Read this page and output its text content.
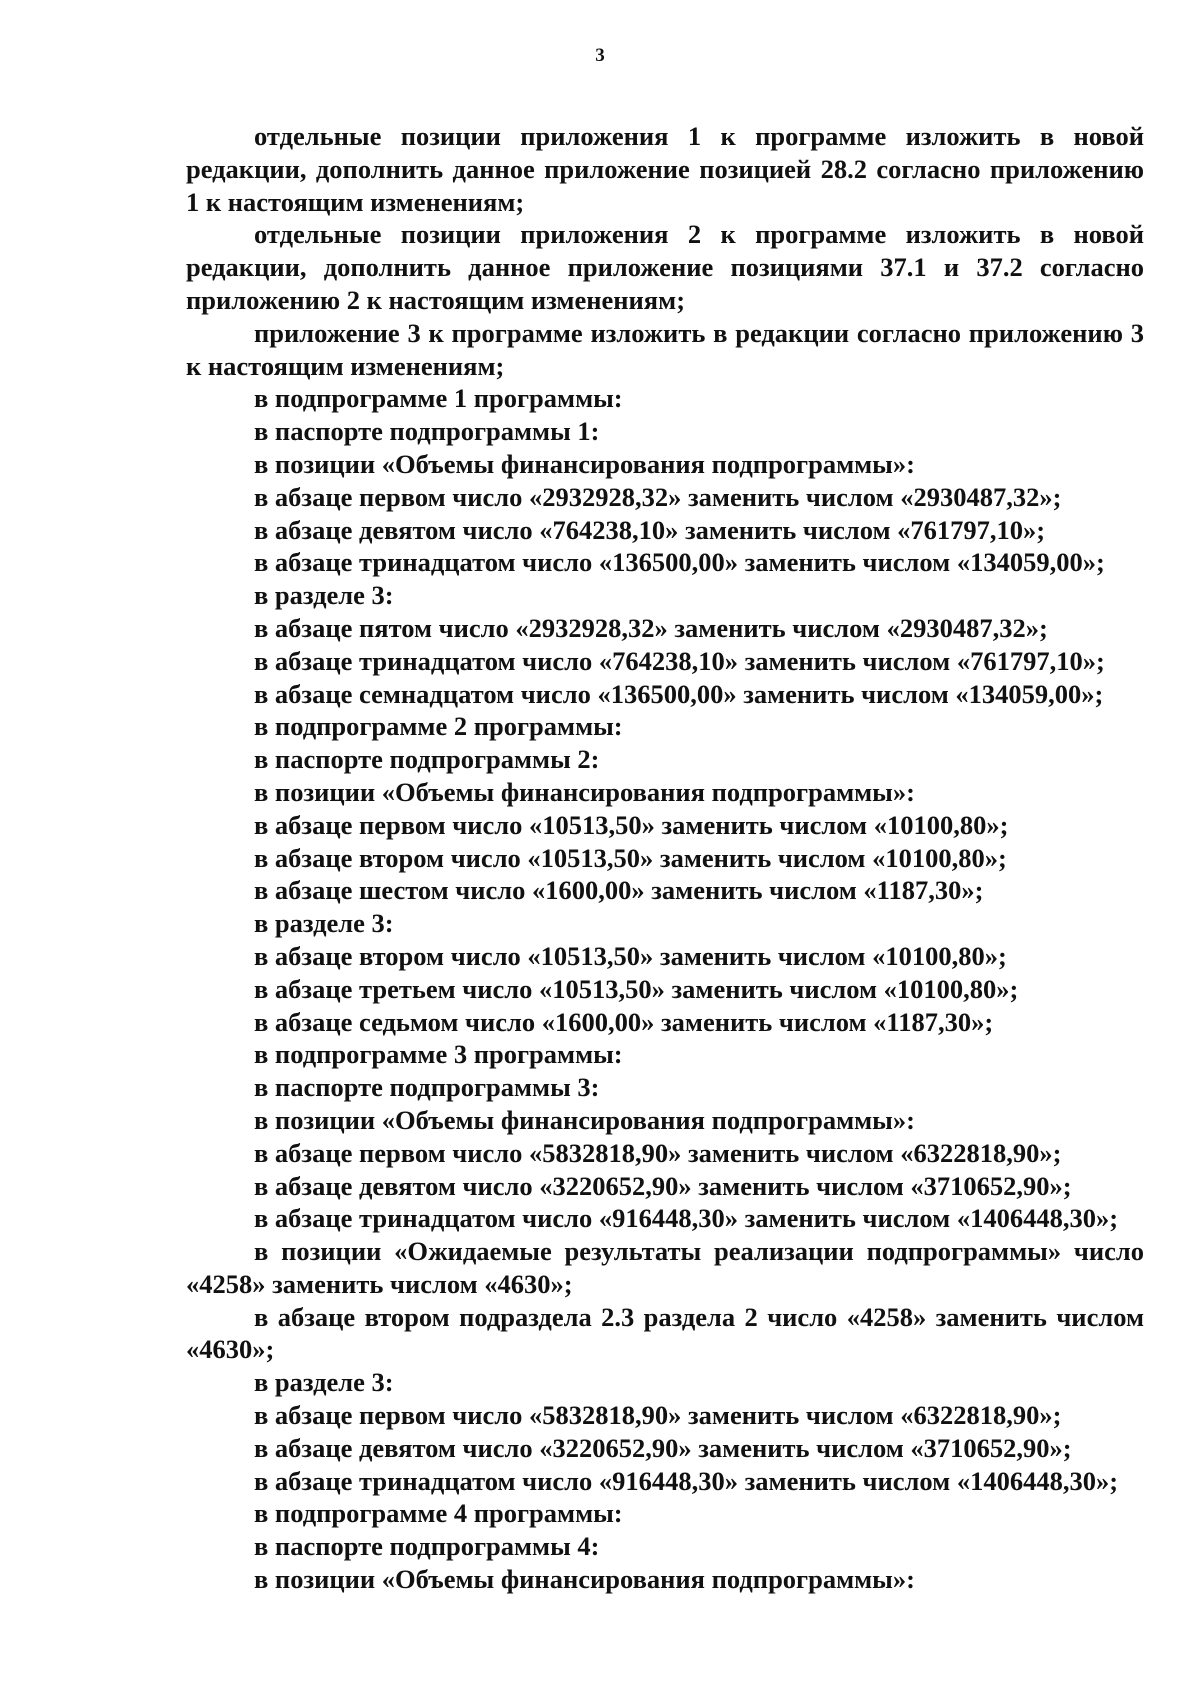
3

отдельные позиции приложения 1 к программе изложить в новой редакции, дополнить данное приложение позицией 28.2 согласно приложению 1 к настоящим изменениям;

отдельные позиции приложения 2 к программе изложить в новой редакции, дополнить данное приложение позициями 37.1 и 37.2 согласно приложению 2 к настоящим изменениям;

приложение 3 к программе изложить в редакции согласно приложению 3 к настоящим изменениям;

в подпрограмме 1 программы:

в паспорте подпрограммы 1:

в позиции «Объемы финансирования подпрограммы»:

в абзаце первом число «2932928,32» заменить числом «2930487,32»;

в абзаце девятом число «764238,10» заменить числом «761797,10»;

в абзаце тринадцатом число «136500,00» заменить числом «134059,00»;

в разделе 3:

в абзаце пятом число «2932928,32» заменить числом «2930487,32»;

в абзаце тринадцатом число «764238,10» заменить числом «761797,10»;

в абзаце семнадцатом число «136500,00» заменить числом «134059,00»;

в подпрограмме 2 программы:

в паспорте подпрограммы 2:

в позиции «Объемы финансирования подпрограммы»:

в абзаце первом число «10513,50» заменить числом «10100,80»;

в абзаце втором число «10513,50» заменить числом «10100,80»;

в абзаце шестом число «1600,00» заменить числом «1187,30»;

в разделе 3:

в абзаце втором число «10513,50» заменить числом «10100,80»;

в абзаце третьем число «10513,50» заменить числом «10100,80»;

в абзаце седьмом число «1600,00» заменить числом «1187,30»;

в подпрограмме 3 программы:

в паспорте подпрограммы 3:

в позиции «Объемы финансирования подпрограммы»:

в абзаце первом число «5832818,90» заменить числом «6322818,90»;

в абзаце девятом число «3220652,90» заменить числом «3710652,90»;

в абзаце тринадцатом число «916448,30» заменить числом «1406448,30»;

в позиции «Ожидаемые результаты реализации подпрограммы» число «4258» заменить числом «4630»;

в абзаце втором подраздела 2.3 раздела 2 число «4258» заменить числом «4630»;

в разделе 3:

в абзаце первом число «5832818,90» заменить числом «6322818,90»;

в абзаце девятом число «3220652,90» заменить числом «3710652,90»;

в абзаце тринадцатом число «916448,30» заменить числом «1406448,30»;

в подпрограмме 4 программы:

в паспорте подпрограммы 4:

в позиции «Объемы финансирования подпрограммы»:
